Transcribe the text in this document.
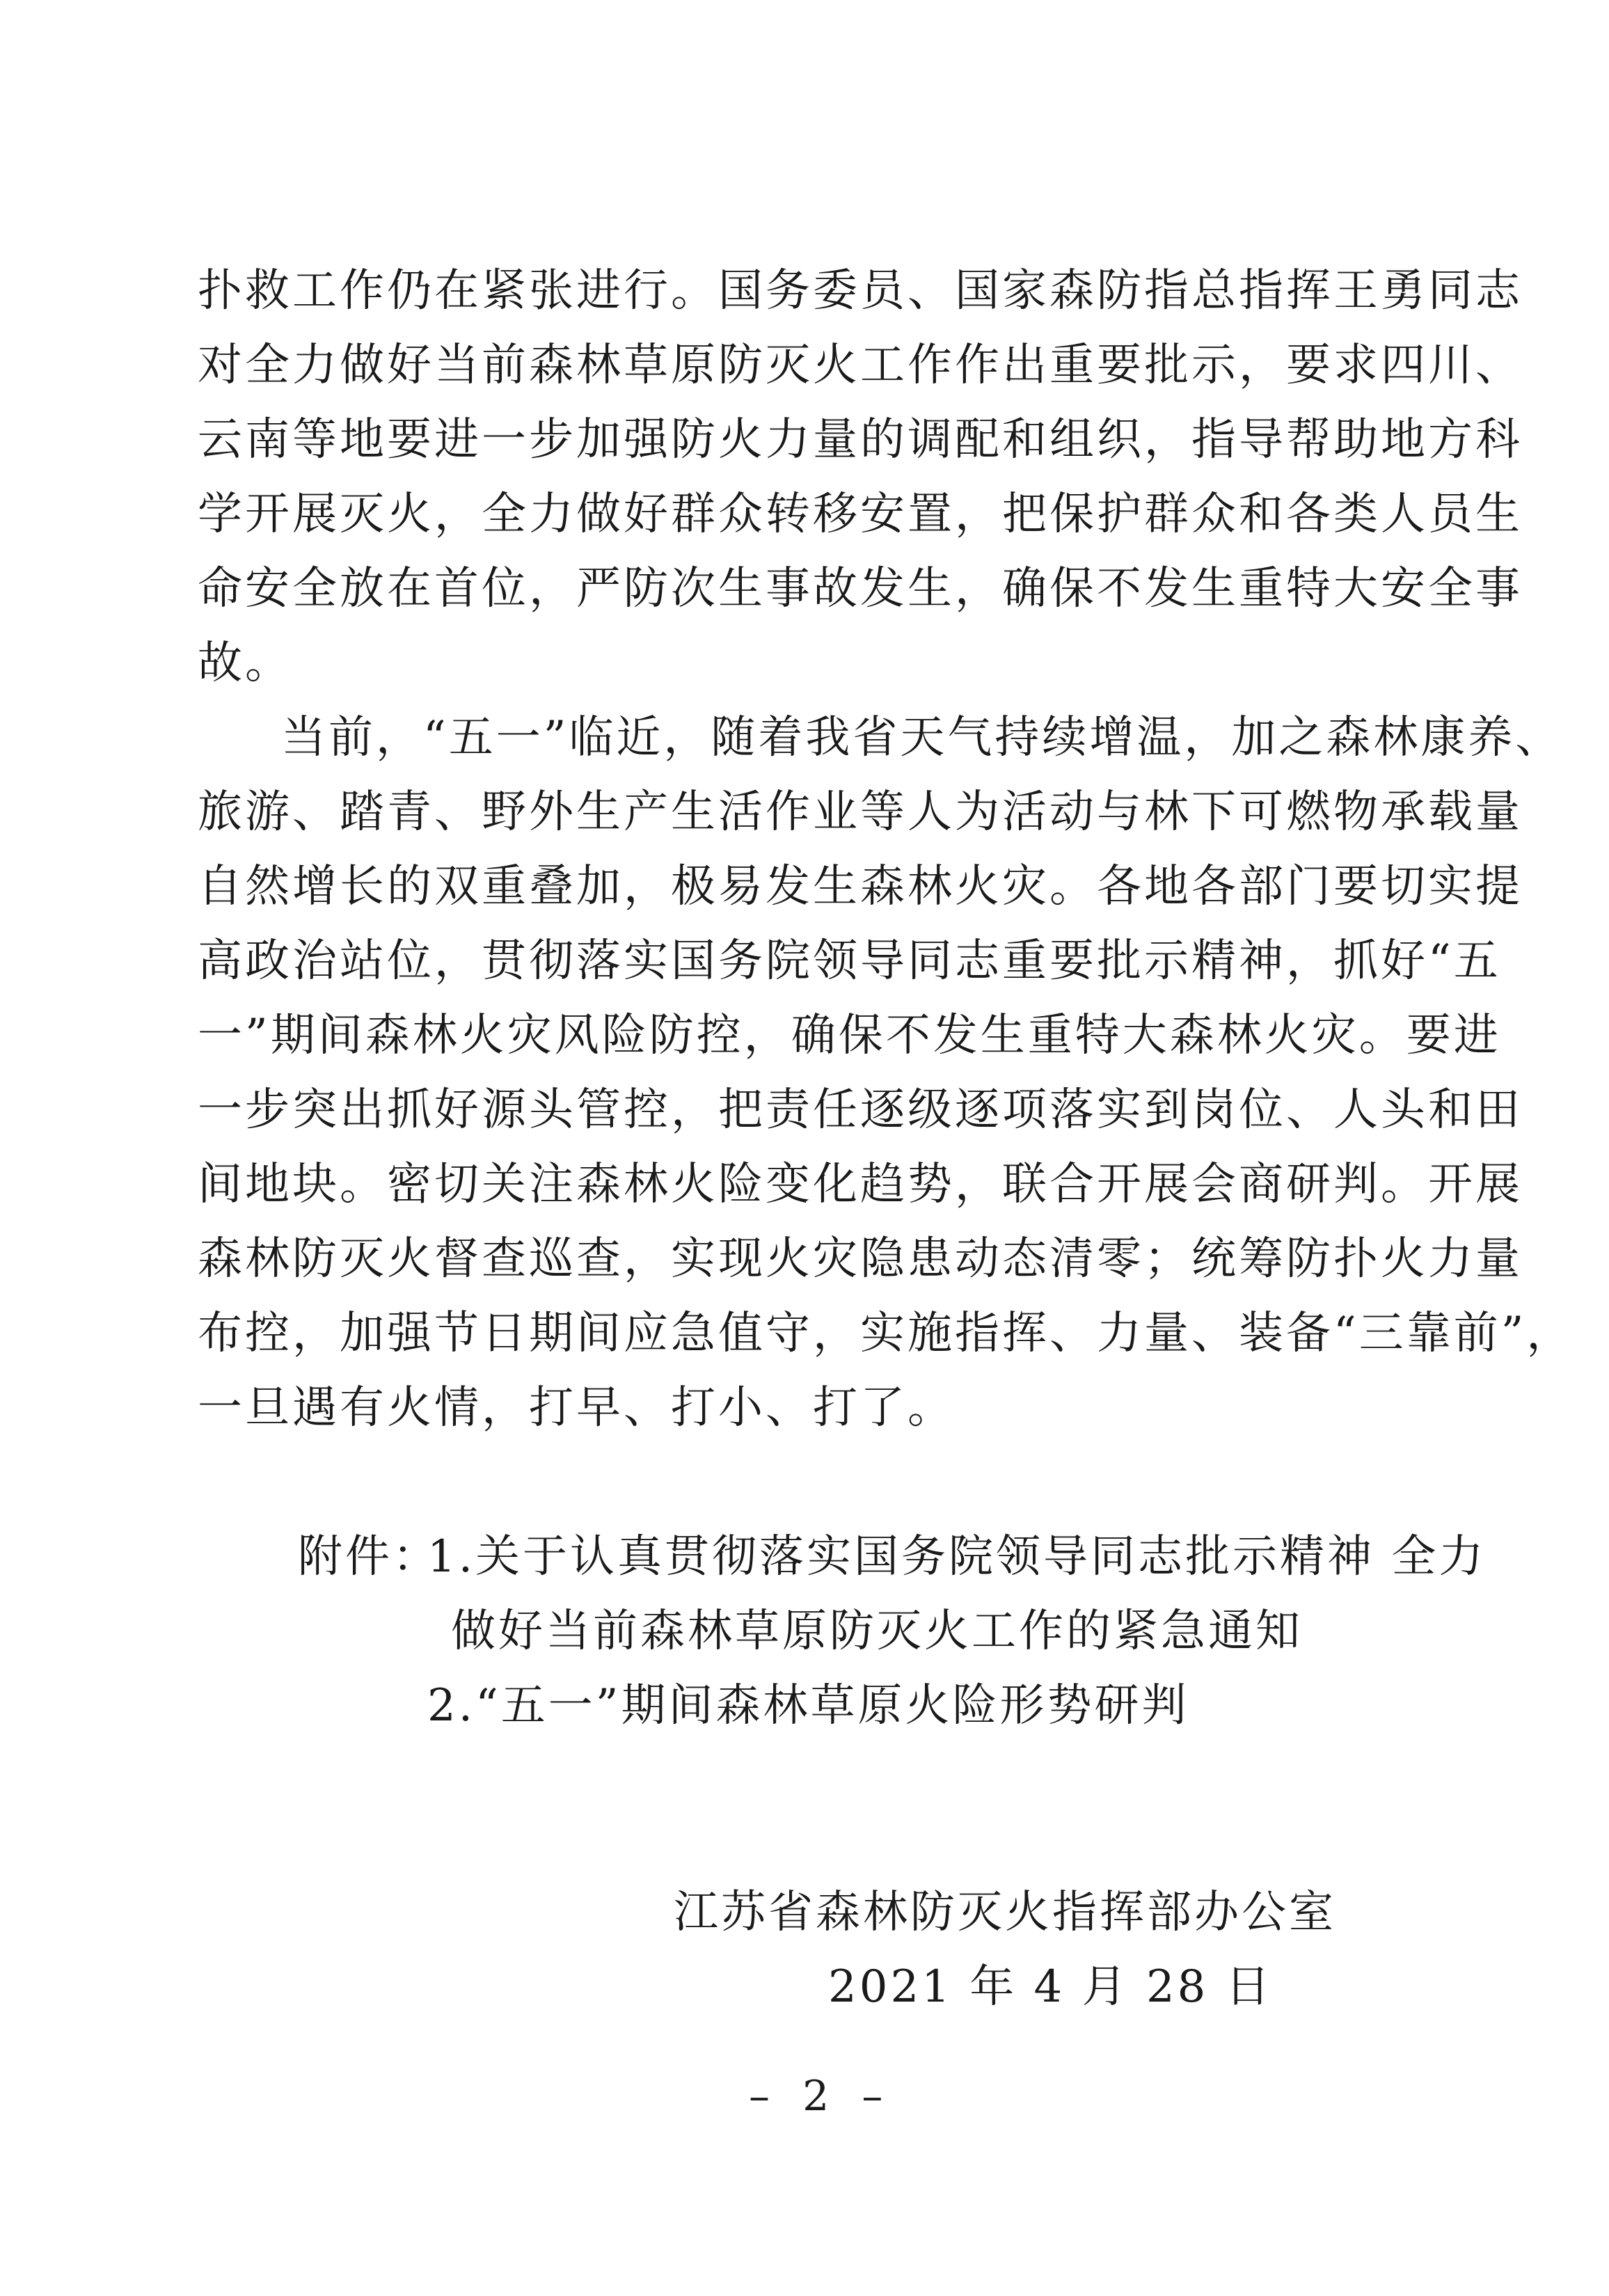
扑救工作仍在紧张进行。国务委员、国家森防指总指挥王勇同志
对全力做好当前森林草原防灭火工作作出重要批示，要求四川、
云南等地要进一步加强防火力量的调配和组织，指导帮助地方科
学开展灭火，全力做好群众转移安置，把保护群众和各类人员生
命安全放在首位，严防次生事故发生，确保不发生重特大安全事
故。
当前，“五一”临近，随着我省天气持续增温，加之森林康养、
旅游、踏青、野外生产生活作业等人为活动与林下可燃物承载量
自然增长的双重叠加，极易发生森林火灾。各地各部门要切实提
高政治站位，贯彻落实国务院领导同志重要批示精神，抓好“五
一”期间森林火灾风险防控，确保不发生重特大森林火灾。要进
一步突出抓好源头管控，把责任逐级逐项落实到岗位、人头和田
间地块。密切关注森林火险变化趋势，联合开展会商研判。开展
森林防灭火督查巡查，实现火灾隐患动态清零；统筹防扑火力量
布控，加强节日期间应急值守，实施指挥、力量、装备“三靠前”，
一旦遇有火情，打早、打小、打了。
附件：
1.关于认真贯彻落实国务院领导同志批示精神 全力
做好当前森林草原防灭火工作的紧急通知
2.“五一”期间森林草原火险形势研判
江苏省森林防灭火指挥部办公室
2021 年 4 月 28 日
– 2 –
